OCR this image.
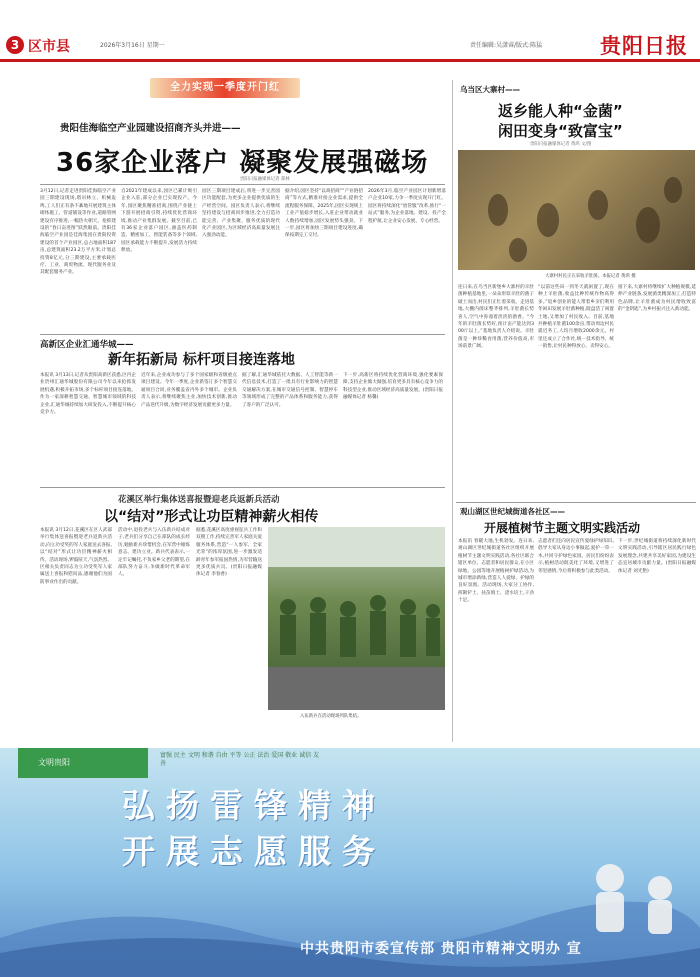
3 区市县	2026年3月16日 星期一	责任编辑:吴潇睿/版式:陈猛	贵阳日报
全力实现一季度开门红
贵阳佳海临空产业园建设招商齐头并进——
36家企业落户 凝聚发展强磁场
贵阳日报融媒体记者 郑林
3月12日,记者走进贵阳佳海临空产业园三期建设现场,塔吊林立、机械轰鸣,工人们正有条不紊地开展建筑主体砌体施工、管道铺设等作业,道路管网建设有序推进,一幅热火朝天、抢抓建设的“春日奋进图”跃然眼前。贵阳佳海临空产业园是佳海集团在贵阳投资建设的首个产业园区,总占地面积187亩,总建筑面积23.2万平方米,计划总投资8亿元,分三期建设,主要承载医疗、工业、商贸物流、现代服务业及其配套服务产业。
自2021年建成以来,园区已累计吸引企业入驻,部分企业已实现投产。今年,园区聚焦精准招商,围绕产业链上下游开展招商引资,持续优化营商环境,推动产业集群发展。截至目前,已有36家企业落户园区,涵盖医药制造、精密加工、智能装备等多个领域,园区承载能力不断提升,发展活力持续释放。
园区三期项目建成后,将进一步完善园区功能配套,为更多企业提供优质的生产经营空间。园区负责人表示,将继续坚持建设与招商同步推进,全力打造功能完善、产业集聚、服务优质的现代化产业园区,为区域经济高质量发展注入强劲动能。
据介绍,园区坚持“以商招商”“产业链招商”等方式,精准对接企业需求,提供全流程服务保障。2025年,园区实现规上工业产值稳步增长,入驻企业带动就业人数持续增加,园区发展势头强劲。下一步,园区将加快三期项目建设进度,确保按期完工交付。
2026年3月,临空产业园区计划新增落户企业10家,力争一季度实现开门红。园区将持续深化“放管服”改革,推行“一站式”服务,为企业落地、建设、投产全程护航,让企业安心发展、专心经营。
高新区企业汇通华城——
新年拓新局 标杆项目接连落地
本报讯 3月13日,记者从贵阳高新区获悉,区内企业贵州汇通华城股份有限公司今年以来抢抓发展机遇,积极开拓市场,多个标杆项目接连落地。作为一家深耕智慧交通、智慧城市领域的科技企业,汇通华城持续加大研发投入,不断提升核心竞争力。
近年来,企业成功参与了多个国家级和省级重点项目建设。今年一季度,企业新签订多个智慧交通项目合同,业务覆盖省内外多个城市。企业负责人表示,将继续聚焦主业,加快技术创新,推动产品迭代升级,为数字经济发展贡献更多力量。
据了解,汇通华城依托大数据、人工智能等新一代信息技术,打造了一批具有行业影响力的智慧交通解决方案,在城市交通信号控制、智慧停车等领域形成了完整的产品体系和服务能力,获得了客户的广泛认可。
下一步,高新区将持续优化营商环境,强化要素保障,支持企业做大做强,培育更多具有核心竞争力的科技型企业,推动区域经济高质量发展。(贵阳日报融媒体记者 杨馨)
花溪区举行集体送喜报暨迎老兵返新兵活动
以“结对”形式让功臣精神薪火相传
本报讯 3月12日,花溪区在区人武部举行集体送喜报暨迎老兵返新兵活动,向立功受奖的军人家庭送去喜报,以“结对”形式让功臣精神薪火相传。活动现场,锣鼓喧天,气氛热烈。区相关负责同志为立功受奖军人家属送上喜报和慰问品,感谢他们为国防事业作出的贡献。
活动中,退役老兵与入伍新兵结成对子,老兵们分享自己在部队的成长经历,勉励新兵珍惜机会,在军营中锤炼意志、建功立业。新兵代表表示,一定牢记嘱托,不负家乡父老的期望,在部队努力奋斗,争做新时代革命军人。
据悉,花溪区高度重视征兵工作和双拥工作,持续完善军人家庭关爱服务体系,营造“一人参军、全家光荣”的浓厚氛围,进一步激发适龄青年参军报国热情,为军营输送更多优质兵员。(贵阳日报融媒体记者 李春香)
入伍新兵在活动现场列队集结。
乌当区大寨村——
返乡能人种“金菌”
闲田变身“致富宝”
贵阳日报融媒体记者 黄鸿 文/图
大寨村村民正在采收羊肚菌。本报记者 黄鸿 摄
连日来,在乌当区新堡乡大寨村的羊肚菌种植基地里,一朵朵形似羊肚的菌子破土而出,村民们正忙着采收。走进基地,大棚内菌床整齐排列,羊肚菌长势喜人,空气中弥漫着淡淡的菌香。“今年的羊肚菌长势好,预计亩产能达到300斤以上。”基地负责人介绍说。羊肚菌是一种珍稀食用菌,营养价值高,市场前景广阔。
“以前这些田一到冬天就闲置了,现在种上羊肚菌,收益比种传统作物高得多。”返乡创业的能人带着乡亲们利用冬闲田发展羊肚菌种植,既盘活了闲置土地,又增加了村民收入。目前,基地共种植羊肚菌100余亩,带动周边村民就近务工,人均月增收2000余元。村里还成立了合作社,统一技术指导、统一销售,让村民种得放心、卖得安心。
接下来,大寨村将继续扩大种植规模,延伸产业链条,发展菌类精深加工,打造特色品牌,让羊肚菌成为村民增收致富的“金钥匙”,为乡村振兴注入新动能。
观山湖区世纪城街道各社区——
开展植树节主题文明实践活动
本报讯 春暖大地,生机勃发。连日来,观山湖区世纪城街道各社区组织开展植树节主题文明实践活动,各社区联合辖区单位、志愿者和居民群众,在小区绿地、公园等地开展植树护绿活动,为城市增添新绿,营造人人爱绿、护绿的良好氛围。活动现场,大家分工协作,挥锹铲土、扶苗填土、浇水培土,干劲十足。
志愿者们还向居民宣传爱绿护绿知识,倡导大家从身边小事做起,爱护一草一木,共同守护绿色家园。居民们纷纷表示,植树活动既美化了环境,又增进了邻里感情,今后将积极参与此类活动。
下一步,世纪城街道将持续深化新时代文明实践活动,引导辖区居民践行绿色发展理念,共建共享美好家园,为建设生态宜居城市贡献力量。(贵阳日报融媒体记者 刘光艳)
文明贵阳
富强 民主 文明 和谐 自由 平等 公正 法治 爱国 敬业 诚信 友善
弘扬雷锋精神
开展志愿服务
中共贵阳市委宣传部 贵阳市精神文明办 宣
